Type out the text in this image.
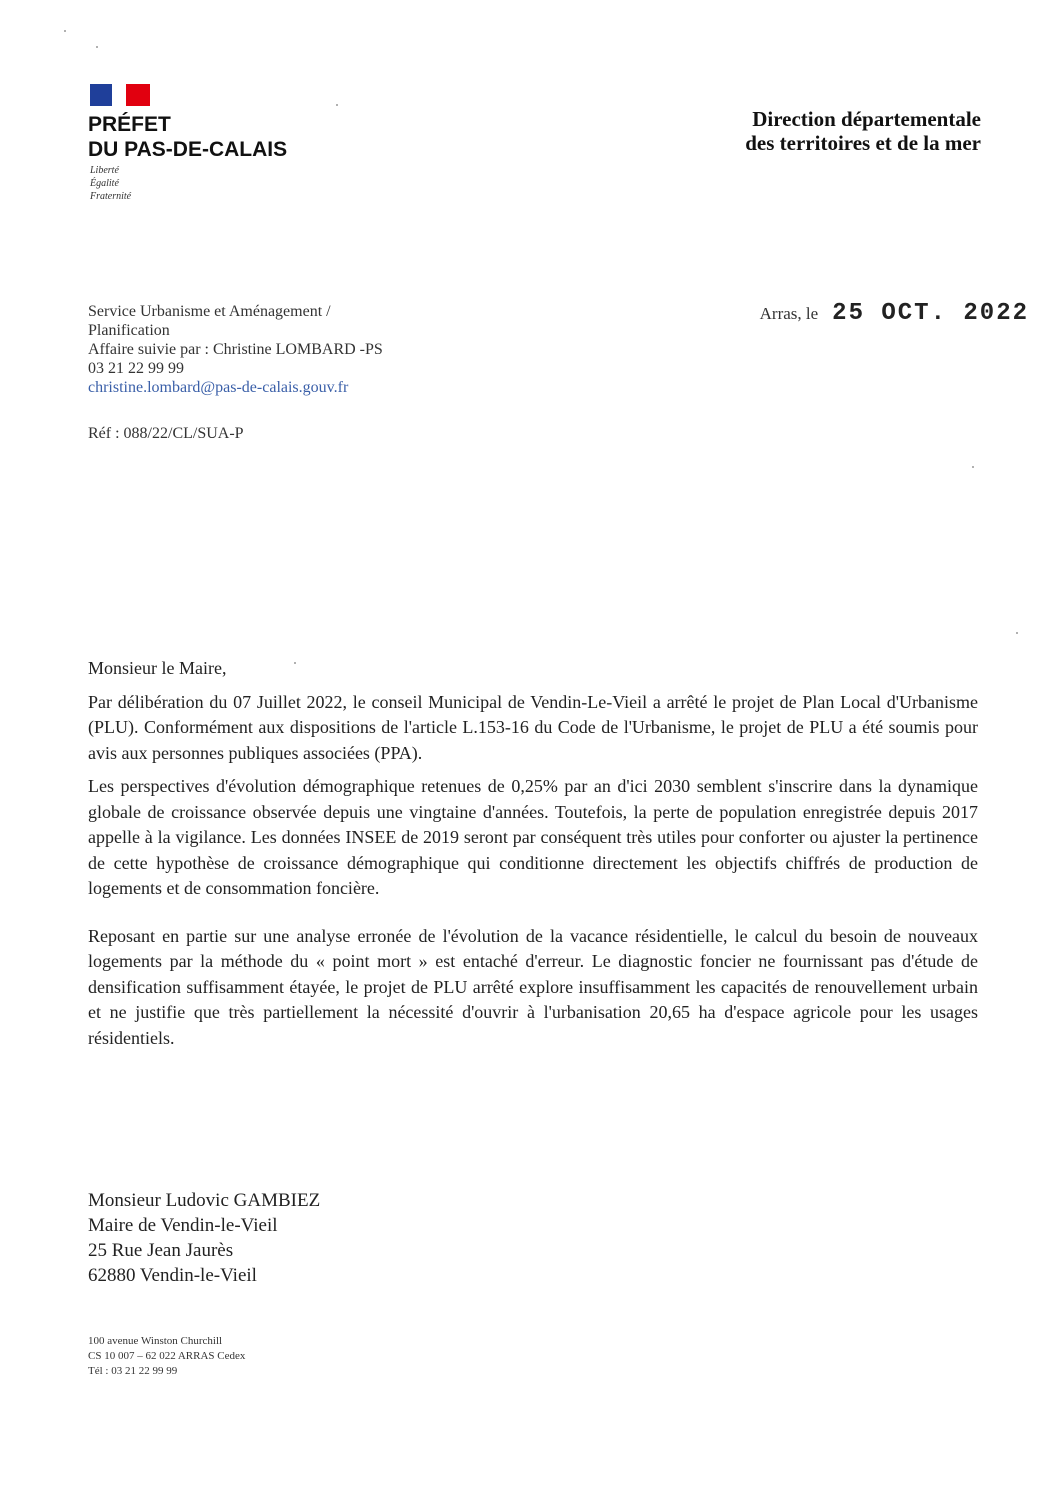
PRÉFET
DU PAS-DE-CALAIS
Liberté
Égalité
Fraternité
Direction départementale
des territoires et de la mer
Service Urbanisme et Aménagement /
Planification
Affaire suivie par : Christine LOMBARD -PS
03 21 22 99 99
christine.lombard@pas-de-calais.gouv.fr
Arras, le 25 OCT. 2022
Réf : 088/22/CL/SUA-P

Monsieur le Maire,

Par délibération du 07 Juillet 2022, le conseil Municipal de Vendin-Le-Vieil a arrêté le projet de Plan Local d'Urbanisme (PLU). Conformément aux dispositions de l'article L.153-16 du Code de l'Urbanisme, le projet de PLU a été soumis pour avis aux personnes publiques associées (PPA).

Les perspectives d'évolution démographique retenues de 0,25% par an d'ici 2030 semblent s'inscrire dans la dynamique globale de croissance observée depuis une vingtaine d'années. Toutefois, la perte de population enregistrée depuis 2017 appelle à la vigilance. Les données INSEE de 2019 seront par conséquent très utiles pour conforter ou ajuster la pertinence de cette hypothèse de croissance démographique qui conditionne directement les objectifs chiffrés de production de logements et de consommation foncière.

Reposant en partie sur une analyse erronée de l'évolution de la vacance résidentielle, le calcul du besoin de nouveaux logements par la méthode du « point mort » est entaché d'erreur. Le diagnostic foncier ne fournissant pas d'étude de densification suffisamment étayée, le projet de PLU arrêté explore insuffisamment les capacités de renouvellement urbain et ne justifie que très partiellement la nécessité d'ouvrir à l'urbanisation 20,65 ha d'espace agricole pour les usages résidentiels.

Monsieur Ludovic GAMBIEZ
Maire de Vendin-le-Vieil
25 Rue Jean Jaurès
62880 Vendin-le-Vieil
100 avenue Winston Churchill
CS 10 007 – 62 022 ARRAS Cedex
Tél : 03 21 22 99 99
